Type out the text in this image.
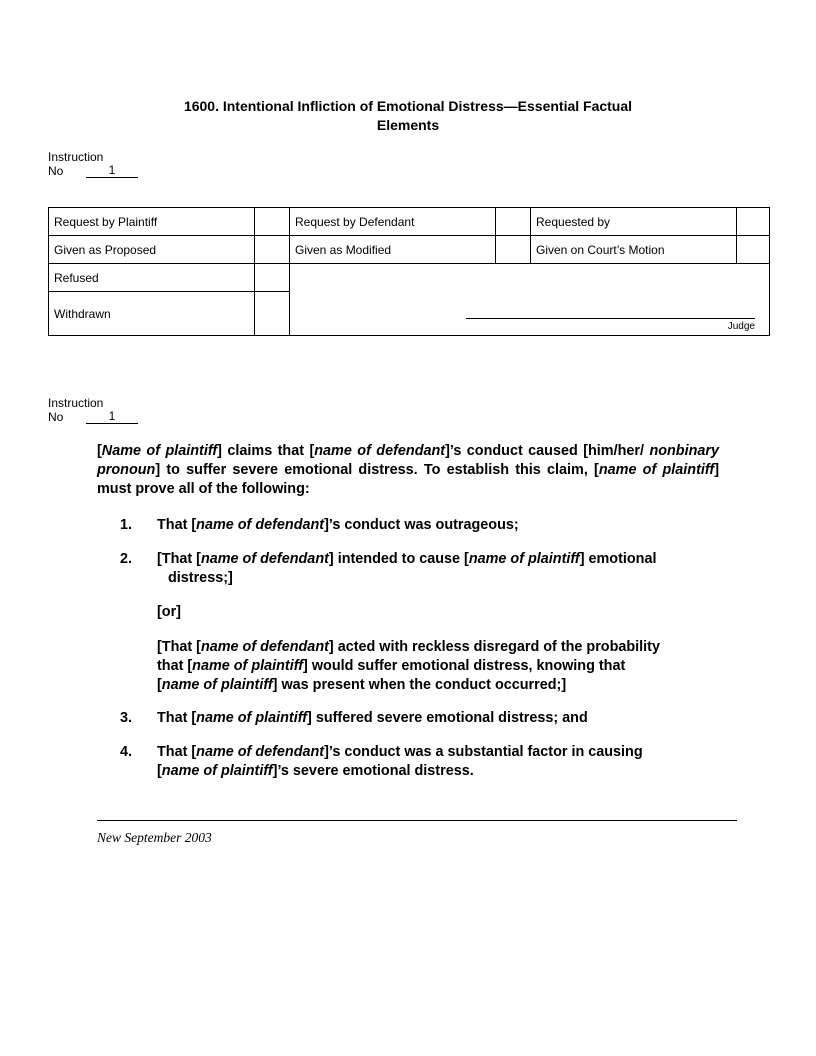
1600. Intentional Infliction of Emotional Distress—Essential Factual
Elements
Instruction
No	1
Request by Plaintiff		Request by Defendant		Requested by	
Given as Proposed		Given as Modified		Given on Court’s Motion	
Refused		Judge			

Withdrawn					
Instruction
No	1

[Name of plaintiff] claims that [name of defendant]’s conduct caused [him/her/ nonbinary pronoun] to suffer severe emotional distress. To establish this claim, [name of plaintiff] must prove all of the following:

1. That [name of defendant]’s conduct was outrageous;
2. [That [name of defendant] intended to cause [name of plaintiff] emotional
distress;]
[or]
[That [name of defendant] acted with reckless disregard of the probability
that [name of plaintiff] would suffer emotional distress, knowing that
[name of plaintiff] was present when the conduct occurred;]
3. That [name of plaintiff] suffered severe emotional distress; and
4. That [name of defendant]’s conduct was a substantial factor in causing
[name of plaintiff]’s severe emotional distress.
New September 2003
